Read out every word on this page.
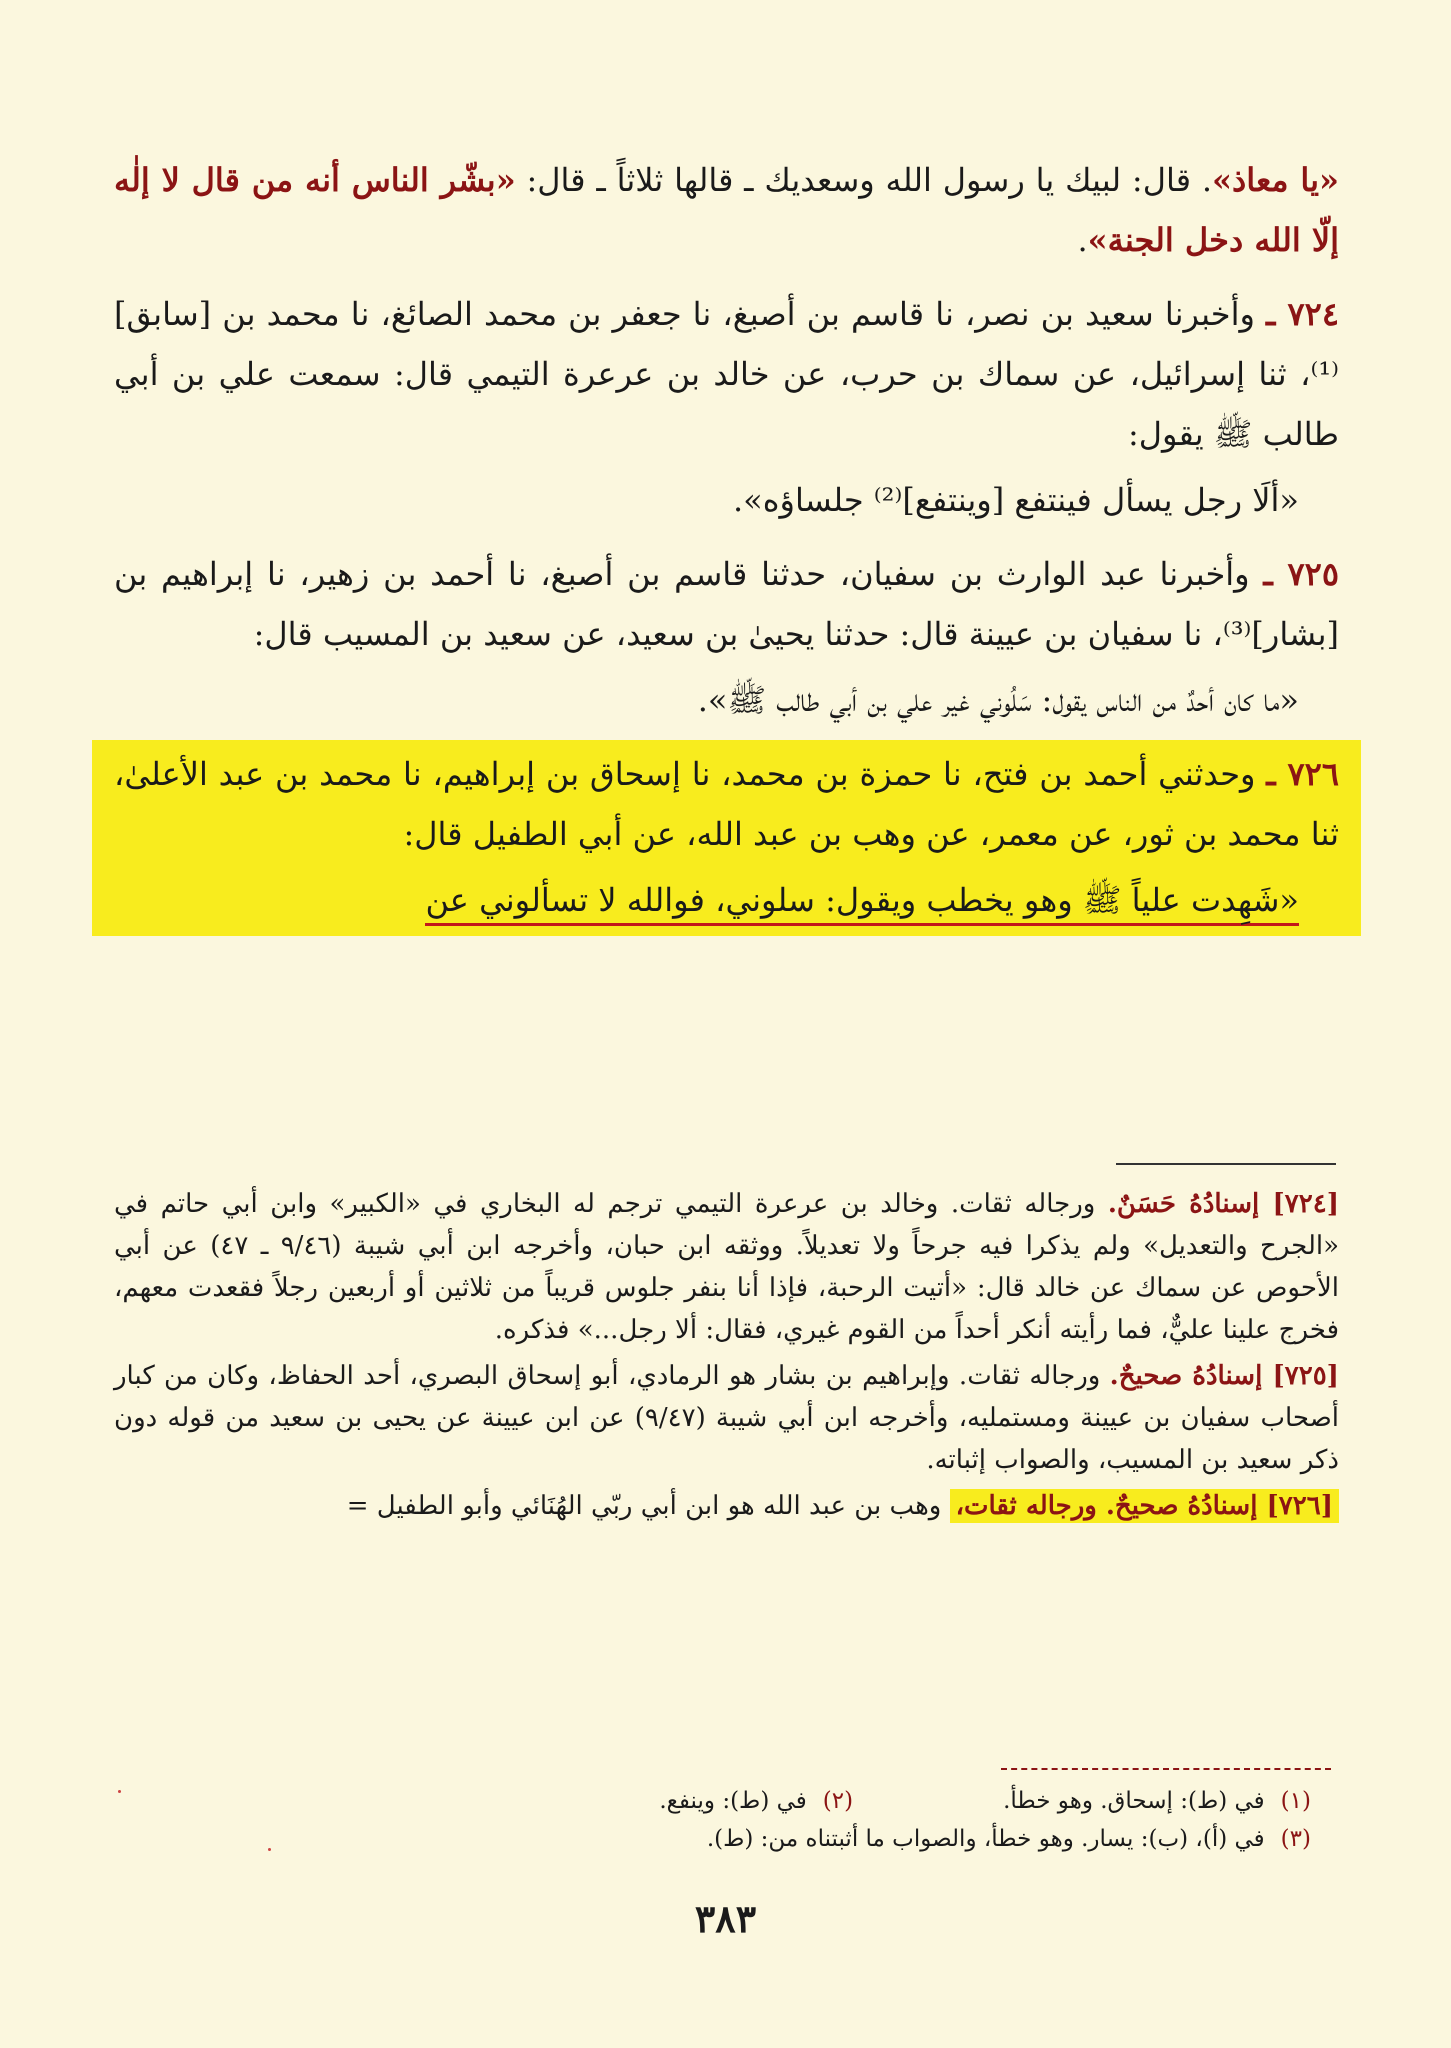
«يا معاذ». قال: لبيك يا رسول الله وسعديك ـ قالها ثلاثاً ـ قال: «بشّر الناس أنه من قال لا إلٰه إلّا الله دخل الجنة».

٧٢٤ ـ وأخبرنا سعيد بن نصر، نا قاسم بن أصبغ، نا جعفر بن محمد الصائغ، نا محمد بن [سابق]⁽¹⁾، ثنا إسرائيل، عن سماك بن حرب، عن خالد بن عرعرة التيمي قال: سمعت علي بن أبي طالب ﷺ يقول:

«ألَا رجل يسأل فينتفع [وينتفع]⁽²⁾ جلساؤه».

٧٢٥ ـ وأخبرنا عبد الوارث بن سفيان، حدثنا قاسم بن أصبغ، نا أحمد بن زهير، نا إبراهيم بن [بشار]⁽³⁾، نا سفيان بن عيينة قال: حدثنا يحيىٰ بن سعيد، عن سعيد بن المسيب قال:

«ما كان أحدٌ من الناس يقول: سَلُوني غير علي بن أبي طالب ﷺ».

٧٢٦ ـ وحدثني أحمد بن فتح، نا حمزة بن محمد، نا إسحاق بن إبراهيم، نا محمد بن عبد الأعلىٰ، ثنا محمد بن ثور، عن معمر، عن وهب بن عبد الله، عن أبي الطفيل قال:

«شَهِدت علياً ﷺ وهو يخطب ويقول: سلوني، فوالله لا تسألوني عن

[٧٢٤] إسنادُهُ حَسَنٌ. ورجاله ثقات. وخالد بن عرعرة التيمي ترجم له البخاري في «الكبير» وابن أبي حاتم في «الجرح والتعديل» ولم يذكرا فيه جرحاً ولا تعديلاً. ووثقه ابن حبان، وأخرجه ابن أبي شيبة (٩/٤٦ ـ ٤٧) عن أبي الأحوص عن سماك عن خالد قال: «أتيت الرحبة، فإذا أنا بنفر جلوس قريباً من ثلاثين أو أربعين رجلاً فقعدت معهم، فخرج علينا عليٌّ، فما رأيته أنكر أحداً من القوم غيري، فقال: ألا رجل...» فذكره.

[٧٢٥] إسنادُهُ صحيحٌ. ورجاله ثقات. وإبراهيم بن بشار هو الرمادي، أبو إسحاق البصري، أحد الحفاظ، وكان من كبار أصحاب سفيان بن عيينة ومستمليه، وأخرجه ابن أبي شيبة (٩/٤٧) عن ابن عيينة عن يحيى بن سعيد من قوله دون ذكر سعيد بن المسيب، والصواب إثباته.

[٧٢٦] إسنادُهُ صحيحٌ. ورجاله ثقات، وهب بن عبد الله هو ابن أبي ربّي الهُنَائي وأبو الطفيل =

(١)
في (ط): إسحاق. وهو خطأ.
(٢)
في (ط): وينفع.
(٣)
في (أ)، (ب): يسار. وهو خطأ، والصواب ما أثبتناه من: (ط).
٣٨٣
